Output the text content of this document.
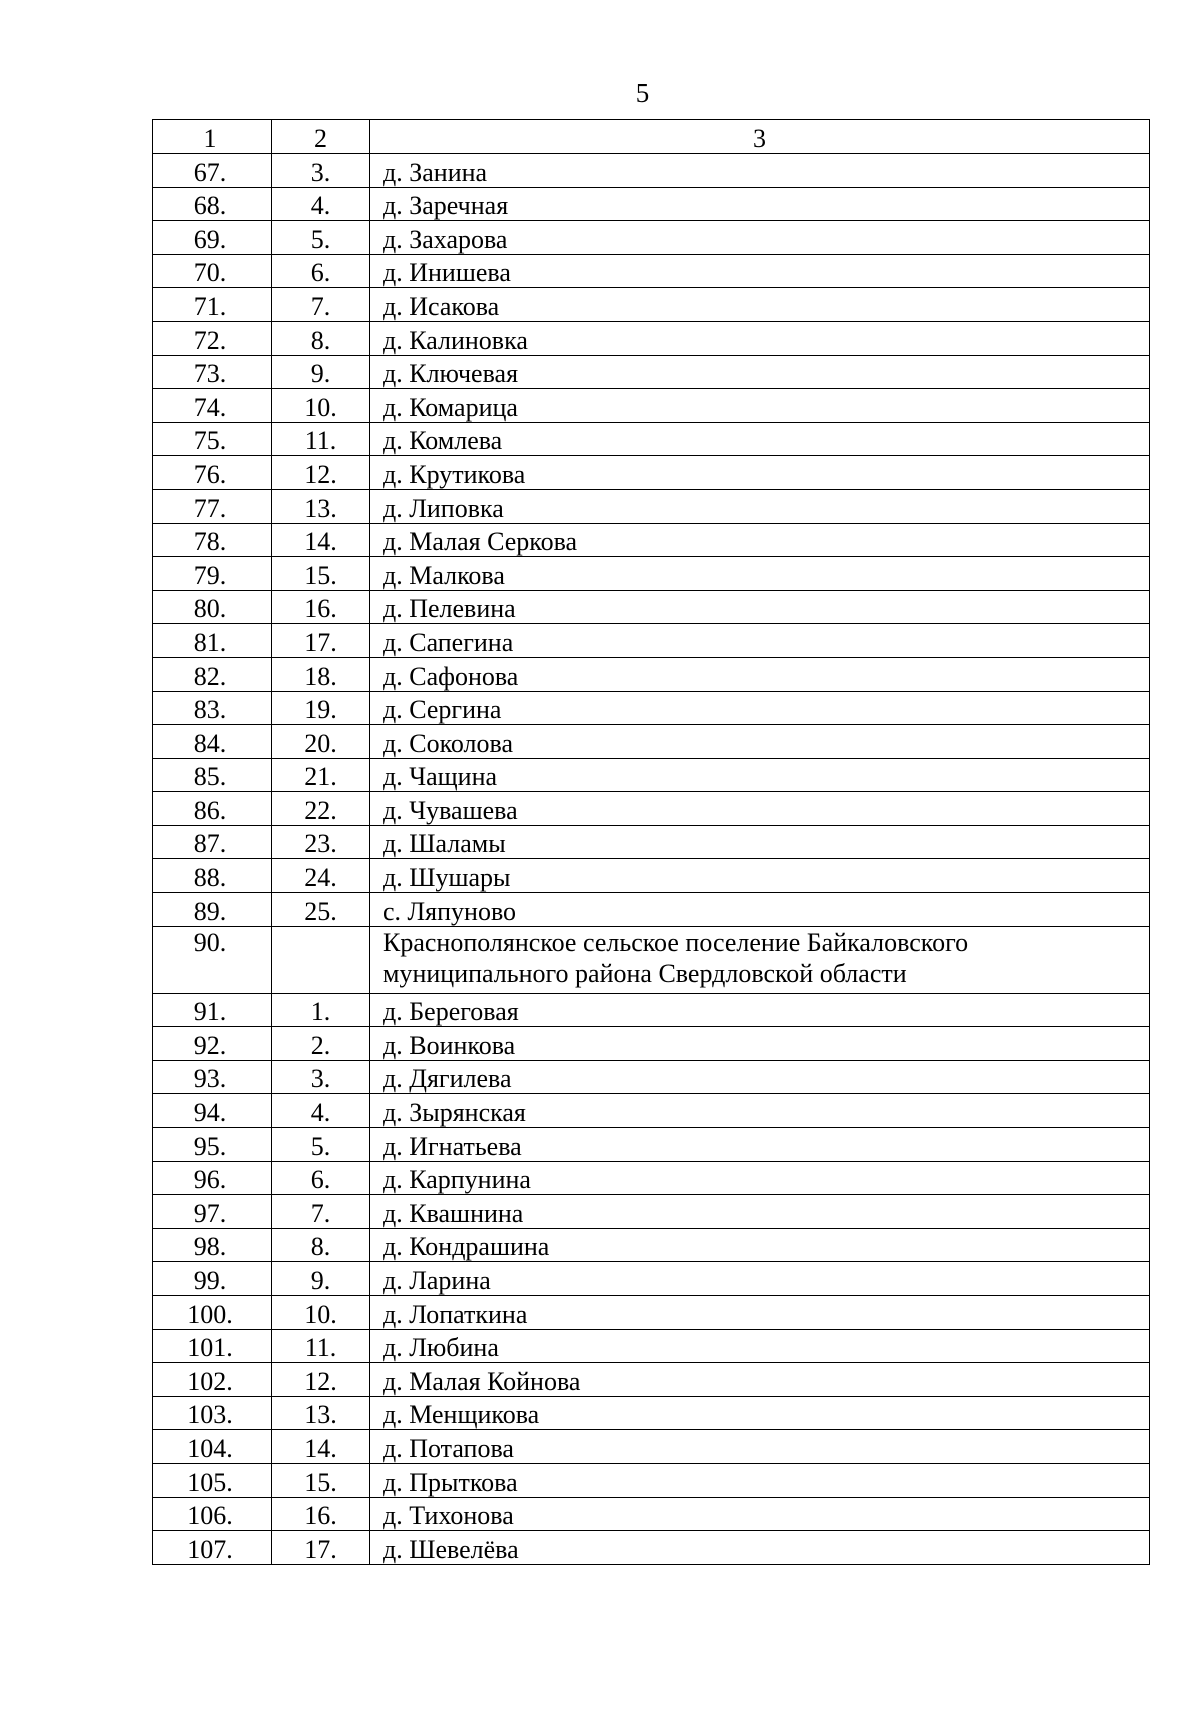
5
1	2	3
67.	3.	д. Занина
68.	4.	д. Заречная
69.	5.	д. Захарова
70.	6.	д. Инишева
71.	7.	д. Исакова
72.	8.	д. Калиновка
73.	9.	д. Ключевая
74.	10.	д. Комарица
75.	11.	д. Комлева
76.	12.	д. Крутикова
77.	13.	д. Липовка
78.	14.	д. Малая Серкова
79.	15.	д. Малкова
80.	16.	д. Пелевина
81.	17.	д. Сапегина
82.	18.	д. Сафонова
83.	19.	д. Сергина
84.	20.	д. Соколова
85.	21.	д. Чащина
86.	22.	д. Чувашева
87.	23.	д. Шаламы
88.	24.	д. Шушары
89.	25.	с. Ляпуново
90.		Краснополянское сельское поселение Байкаловского муниципального района Свердловской области
91.	1.	д. Береговая
92.	2.	д. Воинкова
93.	3.	д. Дягилева
94.	4.	д. Зырянская
95.	5.	д. Игнатьева
96.	6.	д. Карпунина
97.	7.	д. Квашнина
98.	8.	д. Кондрашина
99.	9.	д. Ларина
100.	10.	д. Лопаткина
101.	11.	д. Любина
102.	12.	д. Малая Койнова
103.	13.	д. Менщикова
104.	14.	д. Потапова
105.	15.	д. Прыткова
106.	16.	д. Тихонова
107.	17.	д. Шевелёва
